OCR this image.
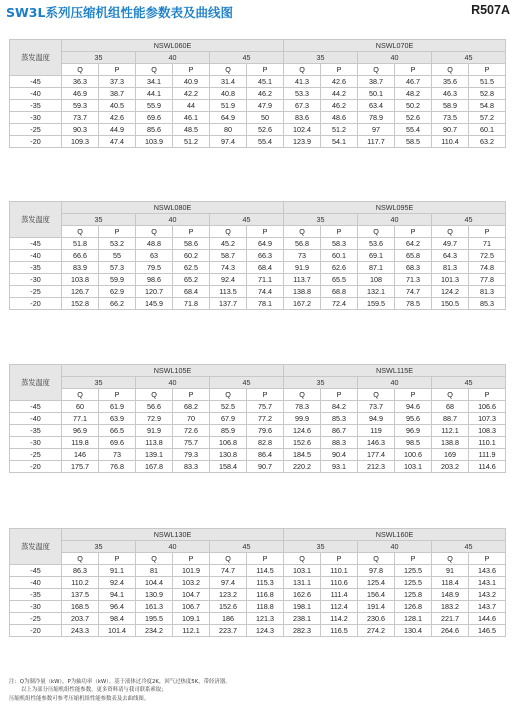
SW3L系列压缩机组性能参数表及曲线图	R507A
蒸发温度	NSWL060E						NSWL070E					
	35		40		45		35		40		45	
	Q	P	Q	P	Q	P	Q	P	Q	P	Q	P
-45	36.3	37.3	34.1	40.9	31.4	45.1	41.3	42.6	38.7	46.7	35.6	51.5
-40	46.9	38.7	44.1	42.2	40.8	46.2	53.3	44.2	50.1	48.2	46.3	52.8
-35	59.3	40.5	55.9	44	51.9	47.9	67.3	46.2	63.4	50.2	58.9	54.8
-30	73.7	42.6	69.6	46.1	64.9	50	83.6	48.6	78.9	52.6	73.5	57.2
-25	90.3	44.9	85.6	48.5	80	52.6	102.4	51.2	97	55.4	90.7	60.1
-20	109.3	47.4	103.9	51.2	97.4	55.4	123.9	54.1	117.7	58.5	110.4	63.2
蒸发温度	NSWL080E						NSWL095E					
	35		40		45		35		40		45	
	Q	P	Q	P	Q	P	Q	P	Q	P	Q	P
-45	51.8	53.2	48.8	58.6	45.2	64.9	56.8	58.3	53.6	64.2	49.7	71
-40	66.6	55	63	60.2	58.7	66.3	73	60.1	69.1	65.8	64.3	72.5
-35	83.9	57.3	79.5	62.5	74.3	68.4	91.9	62.6	87.1	68.3	81.3	74.8
-30	103.8	59.9	98.6	65.2	92.4	71.1	113.7	65.5	108	71.3	101.3	77.8
-25	126.7	62.9	120.7	68.4	113.5	74.4	138.8	68.8	132.1	74.7	124.2	81.3
-20	152.8	66.2	145.9	71.8	137.7	78.1	167.2	72.4	159.5	78.5	150.5	85.3
蒸发温度	NSWL105E						NSWL115E					
	35		40		45		35		40		45	
	Q	P	Q	P	Q	P	Q	P	Q	P	Q	P
-45	60	61.9	56.6	68.2	52.5	75.7	78.3	84.2	73.7	94.6	68	106.6
-40	77.1	63.9	72.9	70	67.9	77.2	99.9	85.3	94.9	95.6	88.7	107.3
-35	96.9	66.5	91.9	72.6	85.9	79.6	124.6	86.7	119	96.9	112.1	108.3
-30	119.8	69.6	113.8	75.7	106.8	82.8	152.6	88.3	146.3	98.5	138.8	110.1
-25	146	73	139.1	79.3	130.8	86.4	184.5	90.4	177.4	100.6	169	111.9
-20	175.7	76.8	167.8	83.3	158.4	90.7	220.2	93.1	212.3	103.1	203.2	114.6
蒸发温度	NSWL130E						NSWL160E					
	35		40		45		35		40		45	
	Q	P	Q	P	Q	P	Q	P	Q	P	Q	P
-45	86.3	91.1	81	101.9	74.7	114.5	103.1	110.1	97.8	125.5	91	143.6
-40	110.2	92.4	104.4	103.2	97.4	115.3	131.1	110.6	125.4	125.5	118.4	143.1
-35	137.5	94.1	130.9	104.7	123.2	116.8	162.6	111.4	156.4	125.8	148.9	143.2
-30	168.5	96.4	161.3	106.7	152.6	118.8	198.1	112.4	191.4	126.8	183.2	143.7
-25	203.7	98.4	195.5	109.1	186	121.3	238.1	114.2	230.6	128.1	221.7	144.6
-20	243.3	101.4	234.2	112.1	223.7	124.3	282.3	116.5	274.2	130.4	264.6	146.5
注：Q为制冷量（kW），P为轴功率（kW）。基于液体过冷度2K，回气过热度5K，带经济器。
以上为部分压缩机组性能参数，更多资料请与我司联系索取；
压缩机组性能参数可参考压缩机组性能参数表及去曲线图。
